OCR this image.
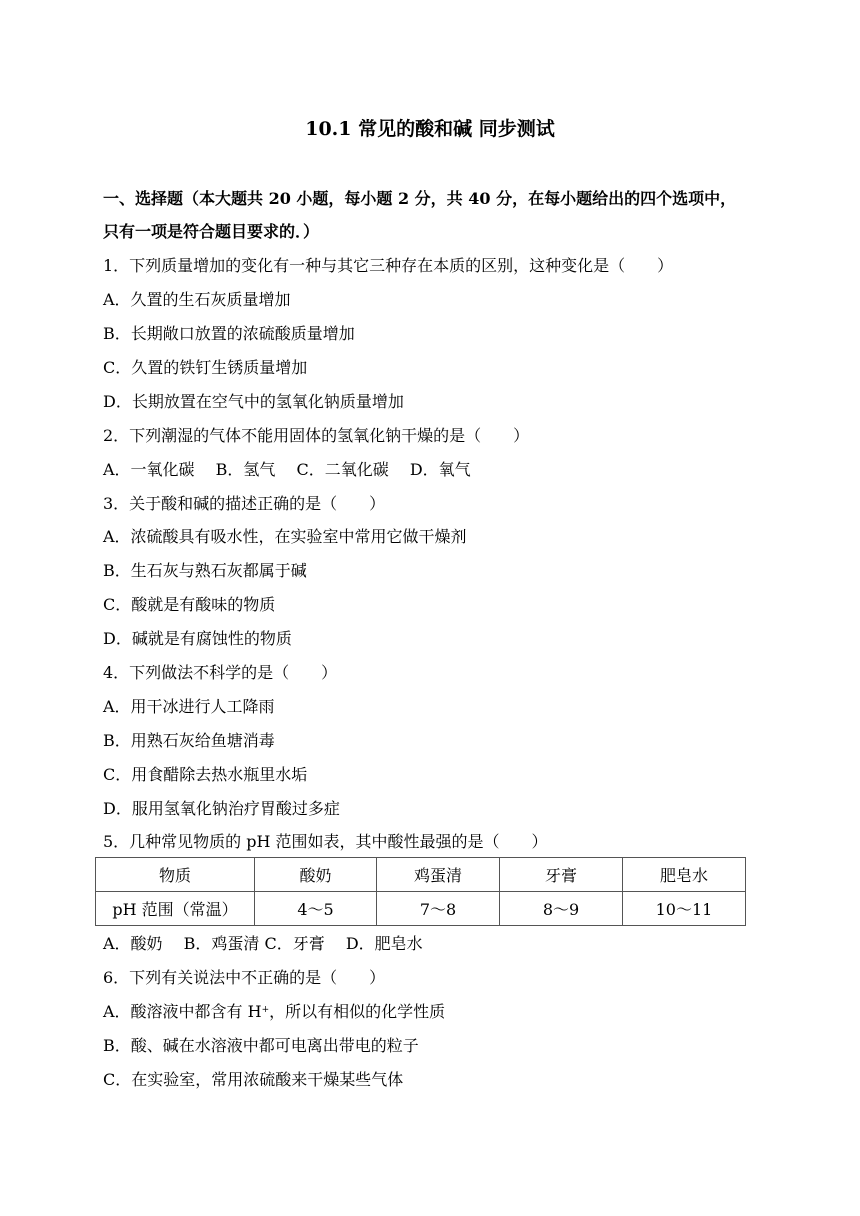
10.1 常见的酸和碱 同步测试
一、选择题（本大题共 20 小题，每小题 2 分，共 40 分，在每小题给出的四个选项中，
只有一项是符合题目要求的．）
1．下列质量增加的变化有一种与其它三种存在本质的区别，这种变化是（　　）
A．久置的生石灰质量增加
B．长期敞口放置的浓硫酸质量增加
C．久置的铁钉生锈质量增加
D．长期放置在空气中的氢氧化钠质量增加
2．下列潮湿的气体不能用固体的氢氧化钠干燥的是（　　）
A．一氧化碳　 B．氢气　 C．二氧化碳　 D．氧气
3．关于酸和碱的描述正确的是（　　）
A．浓硫酸具有吸水性，在实验室中常用它做干燥剂
B．生石灰与熟石灰都属于碱
C．酸就是有酸味的物质
D．碱就是有腐蚀性的物质
4．下列做法不科学的是（　　）
A．用干冰进行人工降雨
B．用熟石灰给鱼塘消毒
C．用食醋除去热水瓶里水垢
D．服用氢氧化钠治疗胃酸过多症
5．几种常见物质的 pH 范围如表，其中酸性最强的是（　　）
物质	酸奶	鸡蛋清	牙膏	肥皂水
pH 范围（常温）	4～5	7～8	8～9	10～11
A．酸奶　 B．鸡蛋清 C．牙膏　 D．肥皂水
6．下列有关说法中不正确的是（　　）
A．酸溶液中都含有 H+，所以有相似的化学性质
B．酸、碱在水溶液中都可电离出带电的粒子
C．在实验室，常用浓硫酸来干燥某些气体
